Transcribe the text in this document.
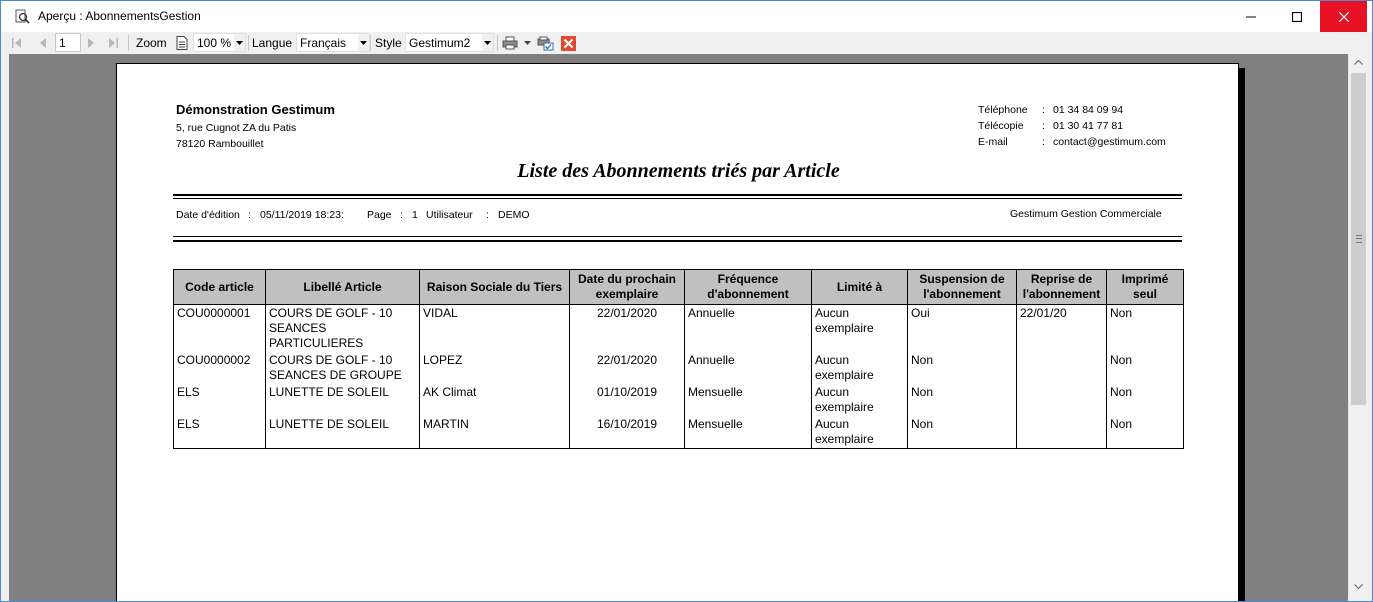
Aperçu : AbonnementsGestion
1	Zoom	100 % Langue Français Style Gestimum2
Démonstration Gestimum
5, rue Cugnot ZA du Patis
78120 Rambouillet
Téléphone : 01 34 84 09 94
Télécopie : 01 30 41 77 81
E-mail	: contact@gestimum.com
Liste des Abonnements triés par Article
Date d'édition : 05/11/2019 18:23: Page : 1 Utilisateur : DEMO	Gestimum Gestion Commerciale
Code article	Libellé Article	Raison Sociale du Tiers	Date du prochain exemplaire	Fréquence d'abonnement	Limité à	Suspension de l'abonnement	Reprise de l'abonnement	Imprimé seul
COU0000001	COURS DE GOLF - 10 SEANCES PARTICULIERES	VIDAL	22/01/2020	Annuelle	Aucun exemplaire	Oui	22/01/20	Non
COU0000002	COURS DE GOLF - 10 SEANCES DE GROUPE	LOPEZ	22/01/2020	Annuelle	Aucun exemplaire	Non		Non
ELS	LUNETTE DE SOLEIL	AK Climat	01/10/2019	Mensuelle	Aucun exemplaire	Non		Non
ELS	LUNETTE DE SOLEIL	MARTIN	16/10/2019	Mensuelle	Aucun exemplaire	Non		Non
